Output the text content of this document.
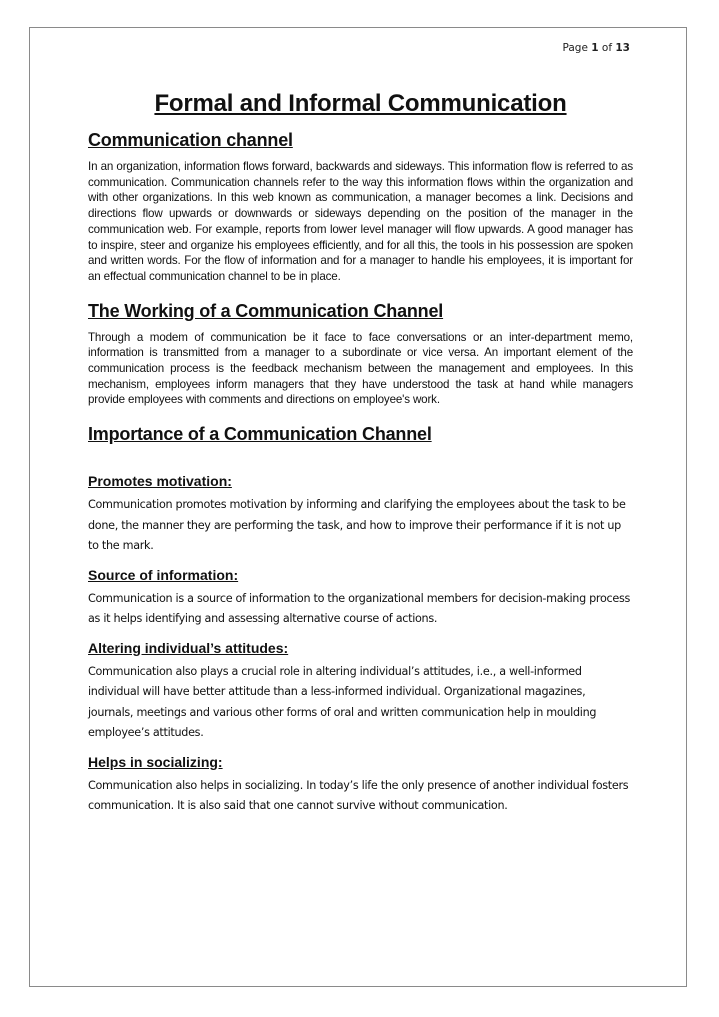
Page 1 of 13
Formal and Informal Communication
Communication channel

In an organization, information flows forward, backwards and sideways. This information flow is referred to as communication. Communication channels refer to the way this information flows within the organization and with other organizations. In this web known as communication, a manager becomes a link. Decisions and directions flow upwards or downwards or sideways depending on the position of the manager in the communication web. For example, reports from lower level manager will flow upwards. A good manager has to inspire, steer and organize his employees efficiently, and for all this, the tools in his possession are spoken and written words. For the flow of information and for a manager to handle his employees, it is important for an effectual communication channel to be in place.

The Working of a Communication Channel

Through a modem of communication be it face to face conversations or an inter-department memo, information is transmitted from a manager to a subordinate or vice versa. An important element of the communication process is the feedback mechanism between the management and employees. In this mechanism, employees inform managers that they have understood the task at hand while managers provide employees with comments and directions on employee's work.

Importance of a Communication Channel
Promotes motivation:

Communication promotes motivation by informing and clarifying the employees about the task to be done, the manner they are performing the task, and how to improve their performance if it is not up to the mark.

Source of information:

Communication is a source of information to the organizational members for decision-making process as it helps identifying and assessing alternative course of actions.

Altering individual’s attitudes:

Communication also plays a crucial role in altering individual’s attitudes, i.e., a well-informed individual will have better attitude than a less-informed individual. Organizational magazines, journals, meetings and various other forms of oral and written communication help in moulding employee’s attitudes.

Helps in socializing:

Communication also helps in socializing. In today’s life the only presence of another individual fosters communication. It is also said that one cannot survive without communication.
